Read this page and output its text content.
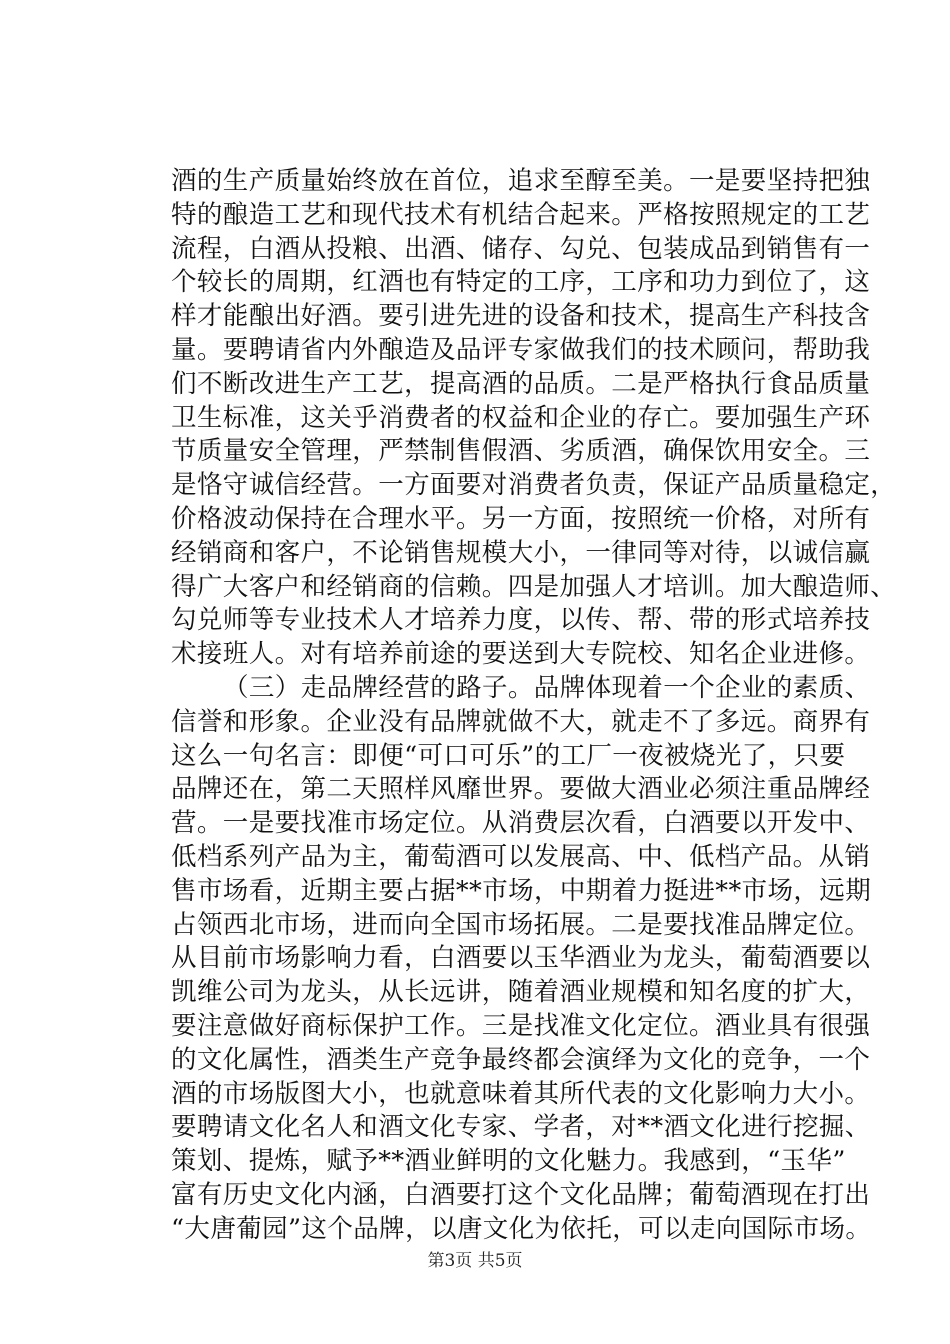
酒的生产质量始终放在首位，追求至醇至美。一是要坚持把独
特的酿造工艺和现代技术有机结合起来。严格按照规定的工艺
流程，白酒从投粮、出酒、储存、勾兑、包装成品到销售有一
个较长的周期，红酒也有特定的工序，工序和功力到位了，这
样才能酿出好酒。要引进先进的设备和技术，提高生产科技含
量。要聘请省内外酿造及品评专家做我们的技术顾问，帮助我
们不断改进生产工艺，提高酒的品质。二是严格执行食品质量
卫生标准，这关乎消费者的权益和企业的存亡。要加强生产环
节质量安全管理，严禁制售假酒、劣质酒，确保饮用安全。三
是恪守诚信经营。一方面要对消费者负责，保证产品质量稳定，
价格波动保持在合理水平。另一方面，按照统一价格，对所有
经销商和客户，不论销售规模大小，一律同等对待，以诚信赢
得广大客户和经销商的信赖。四是加强人才培训。加大酿造师、
勾兑师等专业技术人才培养力度，以传、帮、带的形式培养技
术接班人。对有培养前途的要送到大专院校、知名企业进修。
（三）走品牌经营的路子。品牌体现着一个企业的素质、
信誉和形象。企业没有品牌就做不大，就走不了多远。商界有
这么一句名言：即便“可口可乐”的工厂一夜被烧光了，只要
品牌还在，第二天照样风靡世界。要做大酒业必须注重品牌经
营。一是要找准市场定位。从消费层次看，白酒要以开发中、
低档系列产品为主，葡萄酒可以发展高、中、低档产品。从销
售市场看，近期主要占据**市场，中期着力挺进**市场，远期
占领西北市场，进而向全国市场拓展。二是要找准品牌定位。
从目前市场影响力看，白酒要以玉华酒业为龙头，葡萄酒要以
凯维公司为龙头，从长远讲，随着酒业规模和知名度的扩大，
要注意做好商标保护工作。三是找准文化定位。酒业具有很强
的文化属性，酒类生产竞争最终都会演绎为文化的竞争，一个
酒的市场版图大小，也就意味着其所代表的文化影响力大小。
要聘请文化名人和酒文化专家、学者，对**酒文化进行挖掘、
策划、提炼，赋予**酒业鲜明的文化魅力。我感到，“玉华”
富有历史文化内涵，白酒要打这个文化品牌；葡萄酒现在打出
“大唐葡园”这个品牌，以唐文化为依托，可以走向国际市场。
第3页 共5页
